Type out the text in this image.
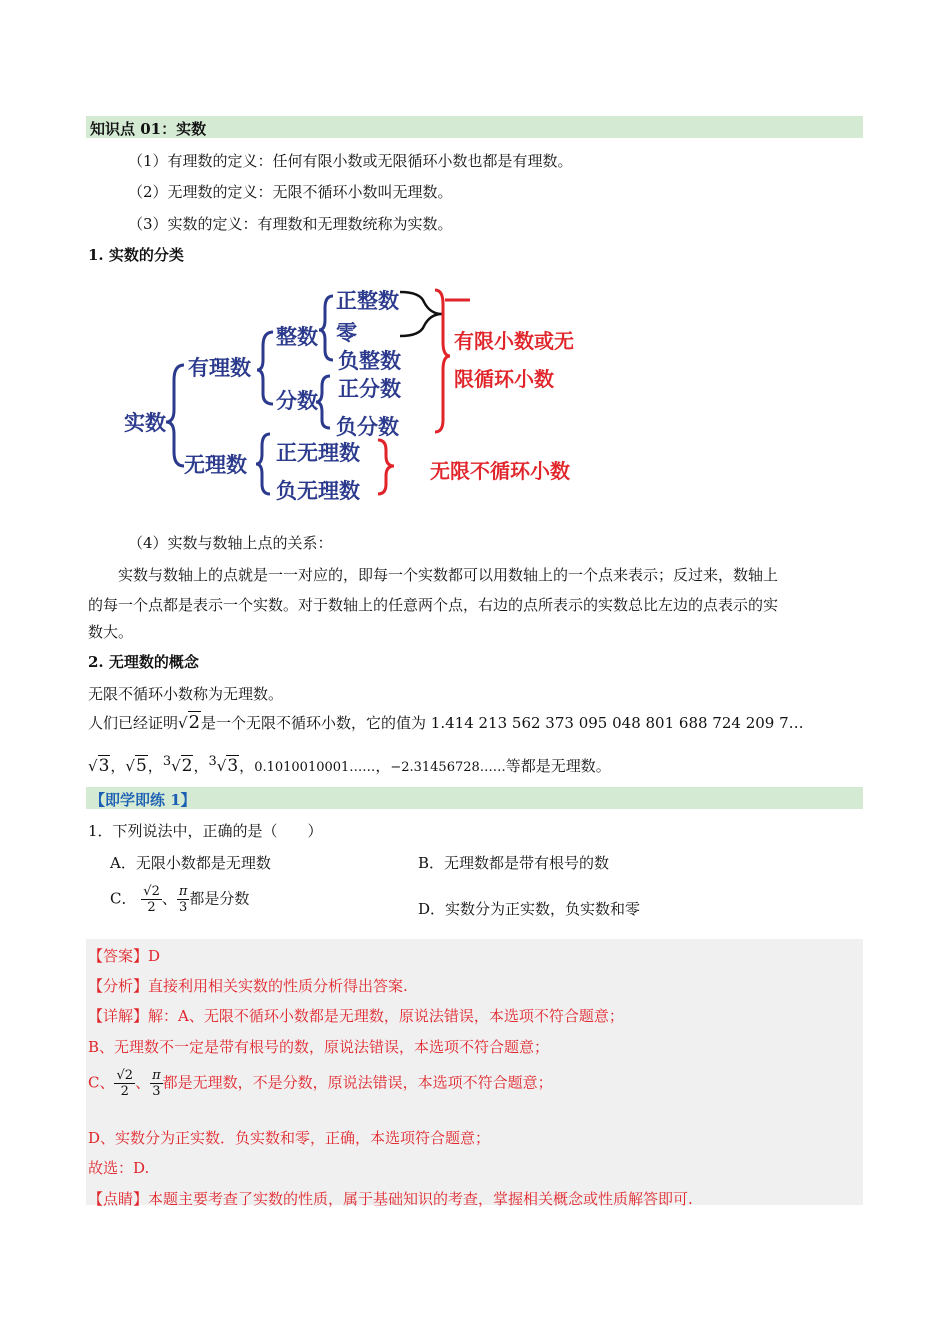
知识点 01：实数
（1）有理数的定义：任何有限小数或无限循环小数也都是有理数。
（2）无理数的定义：无限不循环小数叫无理数。
（3）实数的定义：有理数和无理数统称为实数。
1. 实数的分类
实数
有理数
无理数
整数
分数
正整数
零
负整数
正分数
负分数
正无理数
负无理数
有限小数或无
限循环小数
无限不循环小数
（4）实数与数轴上点的关系：
实数与数轴上的点就是一一对应的，即每一个实数都可以用数轴上的一个点来表示；反过来，数轴上
的每一个点都是表示一个实数。对于数轴上的任意两个点，右边的点所表示的实数总比左边的点表示的实
数大。
2. 无理数的概念
无限不循环小数称为无理数。
人们已经证明√2是一个无限不循环小数，它的值为 1.414 213 562 373 095 048 801 688 724 209 7…
√3，√5，$^3$√2，$^3$√3，0.1010010001……，−2.31456728……等都是无理数。
【即学即练 1】
1．下列说法中，正确的是（　　）
A．无限小数都是无理数	B．无理数都是带有根号的数
C． $\frac{√2}{2}$ 、 $\frac{\pi}{3}$ 都是分数
D．实数分为正实数，负实数和零
【答案】D
【分析】直接利用相关实数的性质分析得出答案.
【详解】解：A、无限不循环小数都是无理数，原说法错误，本选项不符合题意；
B、无理数不一定是带有根号的数，原说法错误，本选项不符合题意；
C、 $\frac{√2}{2}$ 、 $\frac{\pi}{3}$ 都是无理数，不是分数，原说法错误，本选项不符合题意；
D、实数分为正实数．负实数和零，正确，本选项符合题意；
故选：D.
【点睛】本题主要考查了实数的性质，属于基础知识的考查，掌握相关概念或性质解答即可.
